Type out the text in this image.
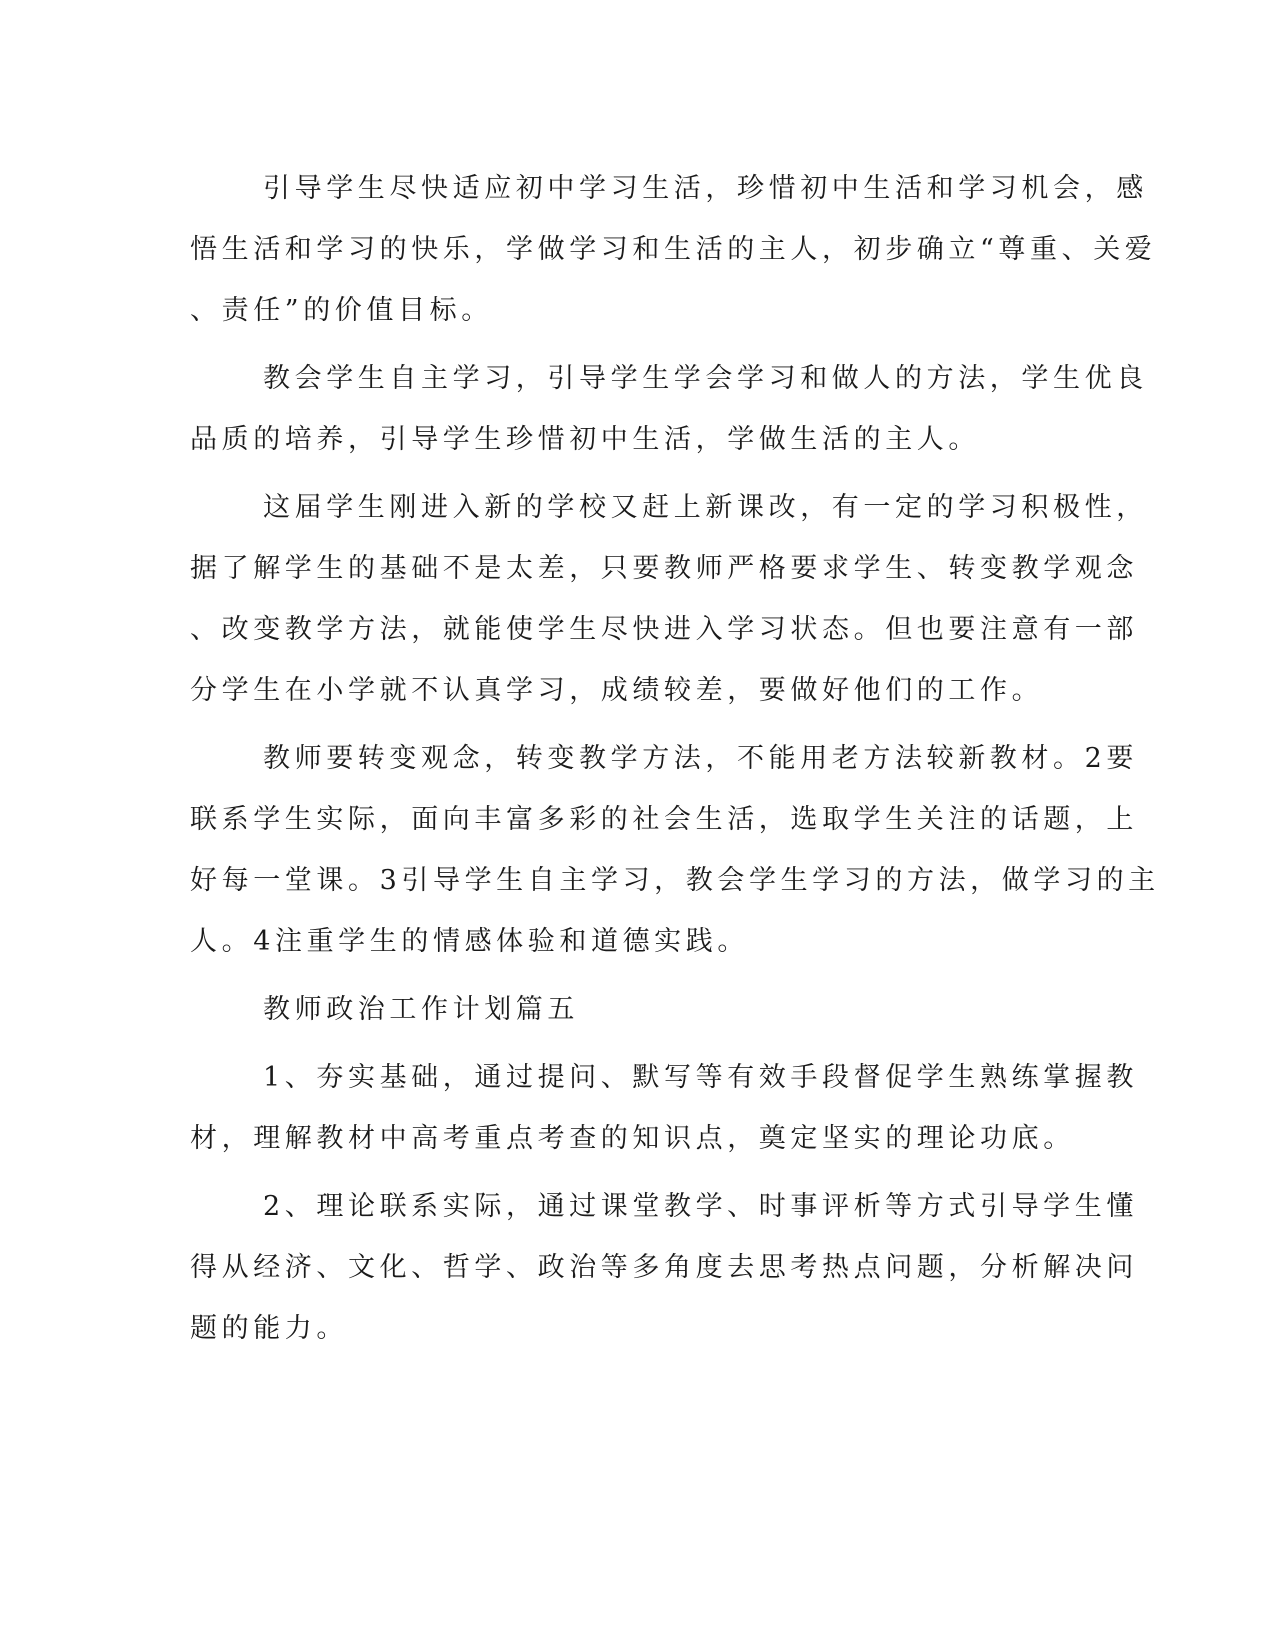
引导学生尽快适应初中学习生活，珍惜初中生活和学习机会，感
悟生活和学习的快乐，学做学习和生活的主人，初步确立“尊重、关爱
、责任”的价值目标。
教会学生自主学习，引导学生学会学习和做人的方法，学生优良
品质的培养，引导学生珍惜初中生活，学做生活的主人。
这届学生刚进入新的学校又赶上新课改，有一定的学习积极性，
据了解学生的基础不是太差，只要教师严格要求学生、转变教学观念
、改变教学方法，就能使学生尽快进入学习状态。但也要注意有一部
分学生在小学就不认真学习，成绩较差，要做好他们的工作。
教师要转变观念，转变教学方法，不能用老方法较新教材。2要
联系学生实际，面向丰富多彩的社会生活，选取学生关注的话题，上
好每一堂课。3引导学生自主学习，教会学生学习的方法，做学习的主
人。4注重学生的情感体验和道德实践。
教师政治工作计划篇五
1、夯实基础，通过提问、默写等有效手段督促学生熟练掌握教
材，理解教材中高考重点考查的知识点，奠定坚实的理论功底。
2、理论联系实际，通过课堂教学、时事评析等方式引导学生懂
得从经济、文化、哲学、政治等多角度去思考热点问题，分析解决问
题的能力。
